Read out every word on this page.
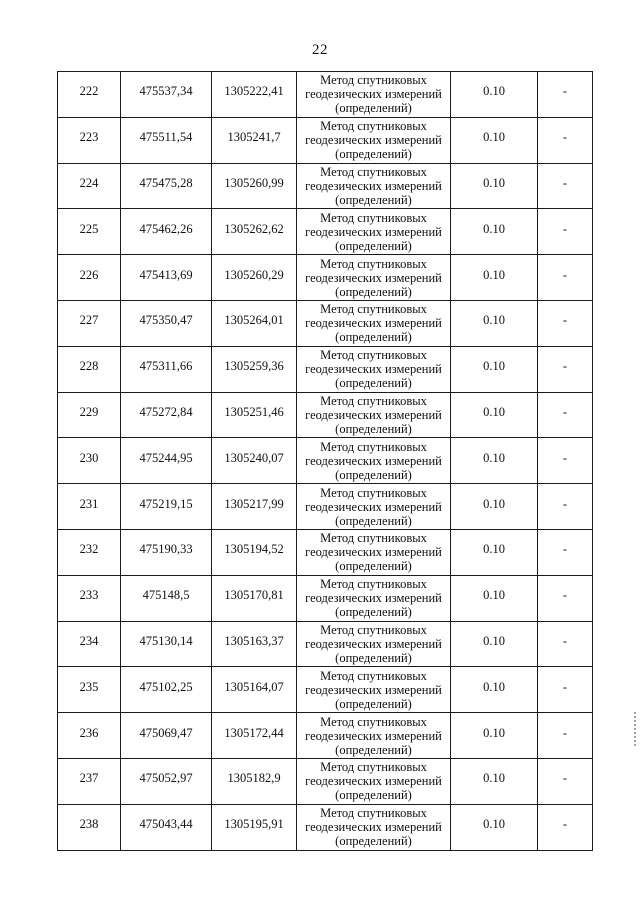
22
222	475537,34	1305222,41	Метод спутниковых
геодезических измерений
(определений)	0.10	-
223	475511,54	1305241,7	Метод спутниковых
геодезических измерений
(определений)	0.10	-
224	475475,28	1305260,99	Метод спутниковых
геодезических измерений
(определений)	0.10	-
225	475462,26	1305262,62	Метод спутниковых
геодезических измерений
(определений)	0.10	-
226	475413,69	1305260,29	Метод спутниковых
геодезических измерений
(определений)	0.10	-
227	475350,47	1305264,01	Метод спутниковых
геодезических измерений
(определений)	0.10	-
228	475311,66	1305259,36	Метод спутниковых
геодезических измерений
(определений)	0.10	-
229	475272,84	1305251,46	Метод спутниковых
геодезических измерений
(определений)	0.10	-
230	475244,95	1305240,07	Метод спутниковых
геодезических измерений
(определений)	0.10	-
231	475219,15	1305217,99	Метод спутниковых
геодезических измерений
(определений)	0.10	-
232	475190,33	1305194,52	Метод спутниковых
геодезических измерений
(определений)	0.10	-
233	475148,5	1305170,81	Метод спутниковых
геодезических измерений
(определений)	0.10	-
234	475130,14	1305163,37	Метод спутниковых
геодезических измерений
(определений)	0.10	-
235	475102,25	1305164,07	Метод спутниковых
геодезических измерений
(определений)	0.10	-
236	475069,47	1305172,44	Метод спутниковых
геодезических измерений
(определений)	0.10	-
237	475052,97	1305182,9	Метод спутниковых
геодезических измерений
(определений)	0.10	-
238	475043,44	1305195,91	Метод спутниковых
геодезических измерений
(определений)	0.10	-
